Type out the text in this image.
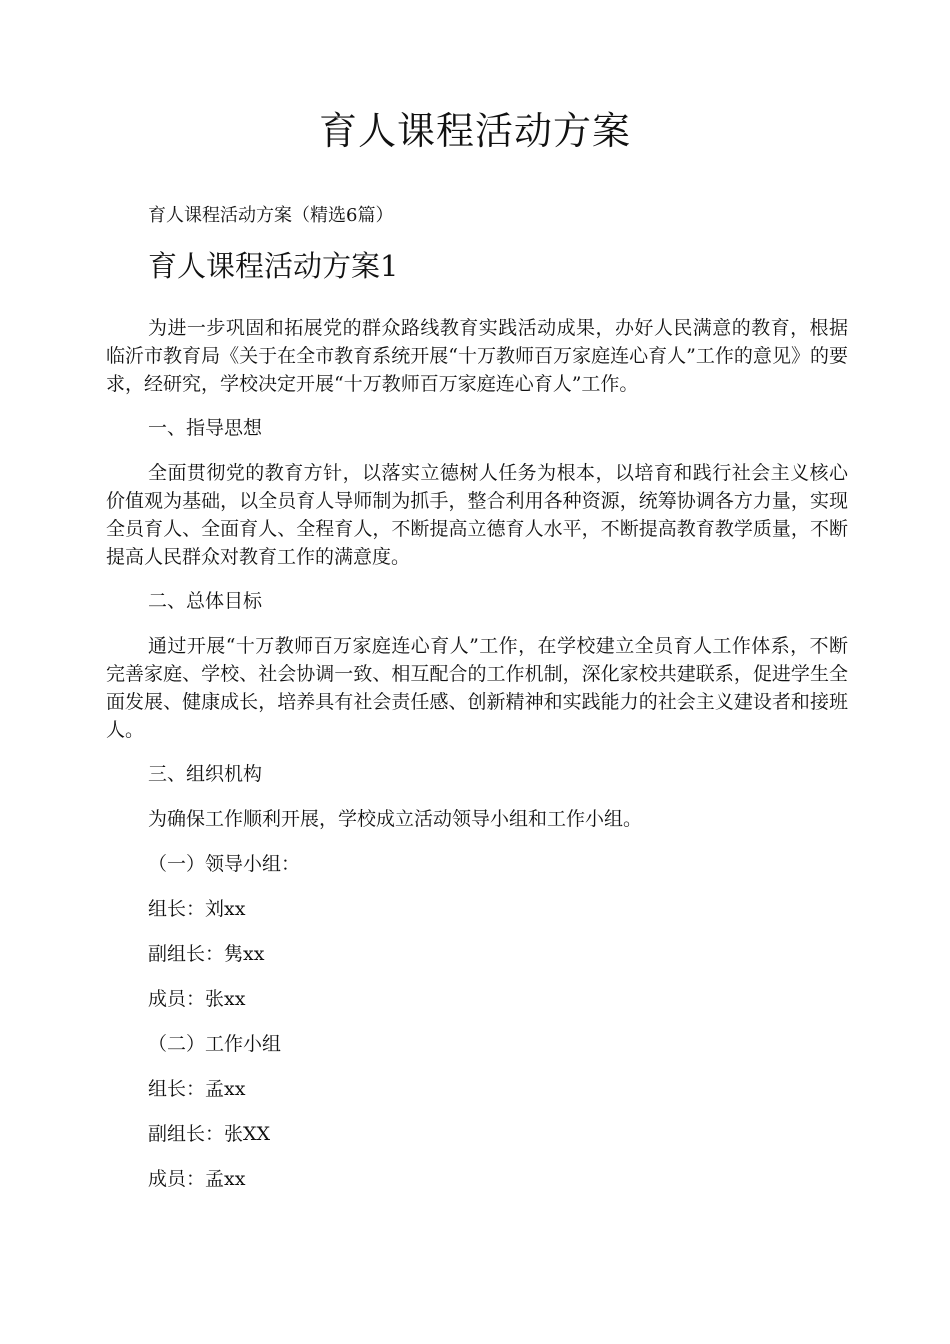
育人课程活动方案

育人课程活动方案（精选6篇）

育人课程活动方案1

为进一步巩固和拓展党的群众路线教育实践活动成果，办好人民满意的教育，根据临沂市教育局《关于在全市教育系统开展“十万教师百万家庭连心育人”工作的意见》的要求，经研究，学校决定开展“十万教师百万家庭连心育人”工作。

一、指导思想

全面贯彻党的教育方针，以落实立德树人任务为根本，以培育和践行社会主义核心价值观为基础，以全员育人导师制为抓手，整合利用各种资源，统筹协调各方力量，实现全员育人、全面育人、全程育人，不断提高立德育人水平，不断提高教育教学质量，不断提高人民群众对教育工作的满意度。

二、总体目标

通过开展“十万教师百万家庭连心育人”工作，在学校建立全员育人工作体系，不断完善家庭、学校、社会协调一致、相互配合的工作机制，深化家校共建联系，促进学生全面发展、健康成长，培养具有社会责任感、创新精神和实践能力的社会主义建设者和接班人。

三、组织机构

为确保工作顺利开展，学校成立活动领导小组和工作小组。

（一）领导小组：

组长：刘xx

副组长：隽xx

成员：张xx

（二）工作小组

组长：孟xx

副组长：张XX

成员：孟xx
